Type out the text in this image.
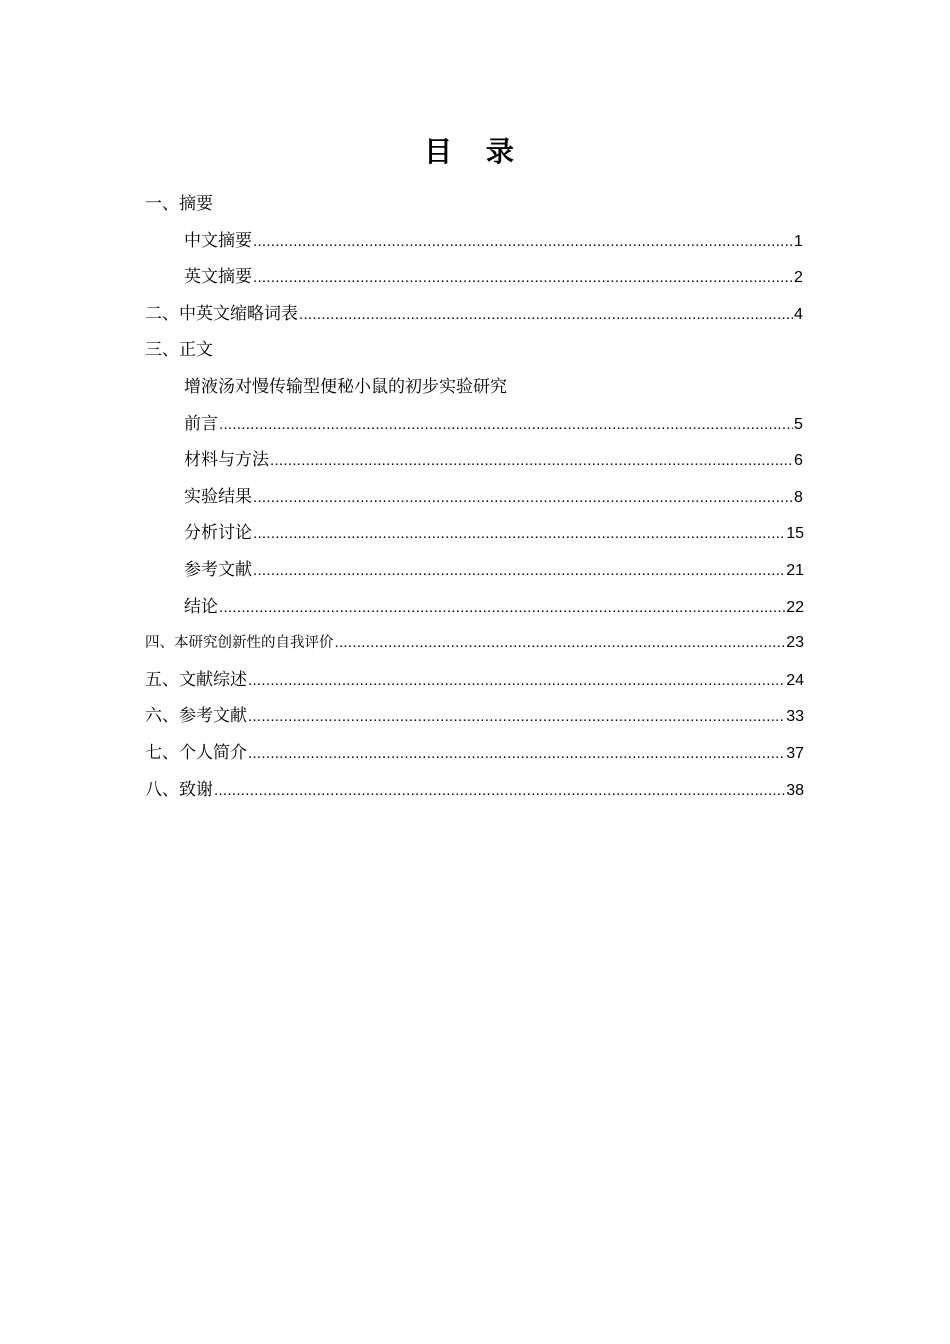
目 录
一、摘要
中文摘要 .....	1
英文摘要 .....	2
二、中英文缩略词表 .....	4
三、正文
增液汤对慢传输型便秘小鼠的初步实验研究
前言 .....	5
材料与方法 .....	6
实验结果 .....	8
分析讨论 .....	15
参考文献 .....	21
结论 .....	22
四、本研究创新性的自我评价 .....	23
五、文献综述 .....	24
六、参考文献 .....	33
七、个人简介 .....	37
八、致谢 .....	38
